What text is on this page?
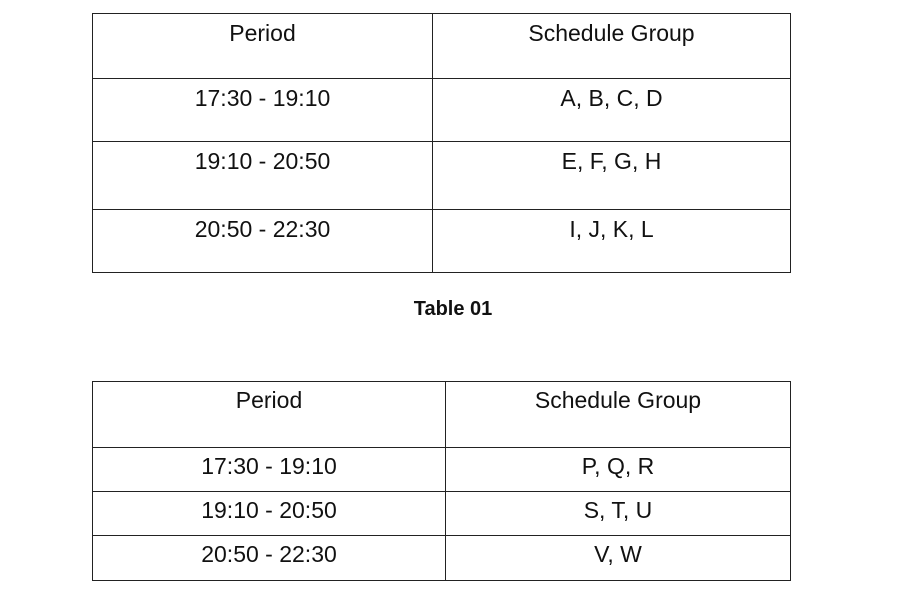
Period	Schedule Group
17:30 - 19:10	A, B, C, D
19:10 - 20:50	E, F, G, H
20:50 - 22:30	I, J, K, L
Table 01
Period	Schedule Group
17:30 - 19:10	P, Q, R
19:10 - 20:50	S, T, U
20:50 - 22:30	V, W
